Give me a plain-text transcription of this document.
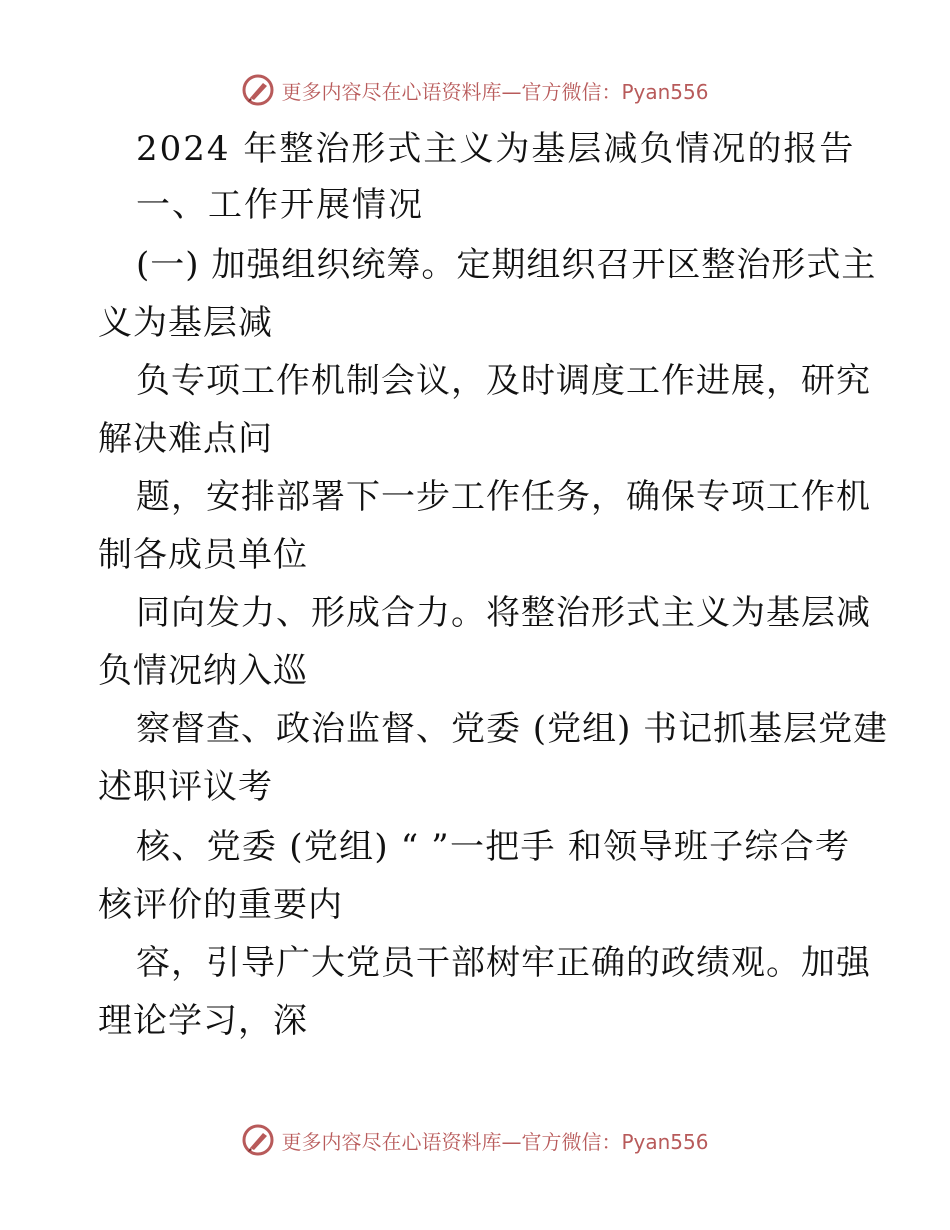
更多内容尽在心语资料库—官方微信：Pyan556
2024 年整治形式主义为基层减负情况的报告
一、工作开展情况
(一) 加强组织统筹。定期组织召开区整治形式主
义为基层减
负专项工作机制会议，及时调度工作进展，研究
解决难点问
题，安排部署下一步工作任务，确保专项工作机
制各成员单位
同向发力、形成合力。将整治形式主义为基层减
负情况纳入巡
察督查、政治监督、党委 (党组) 书记抓基层党建
述职评议考
核、党委 (党组) “ ”一把手 和领导班子综合考
核评价的重要内
容，引导广大党员干部树牢正确的政绩观。加强
理论学习，深
更多内容尽在心语资料库—官方微信：Pyan556
